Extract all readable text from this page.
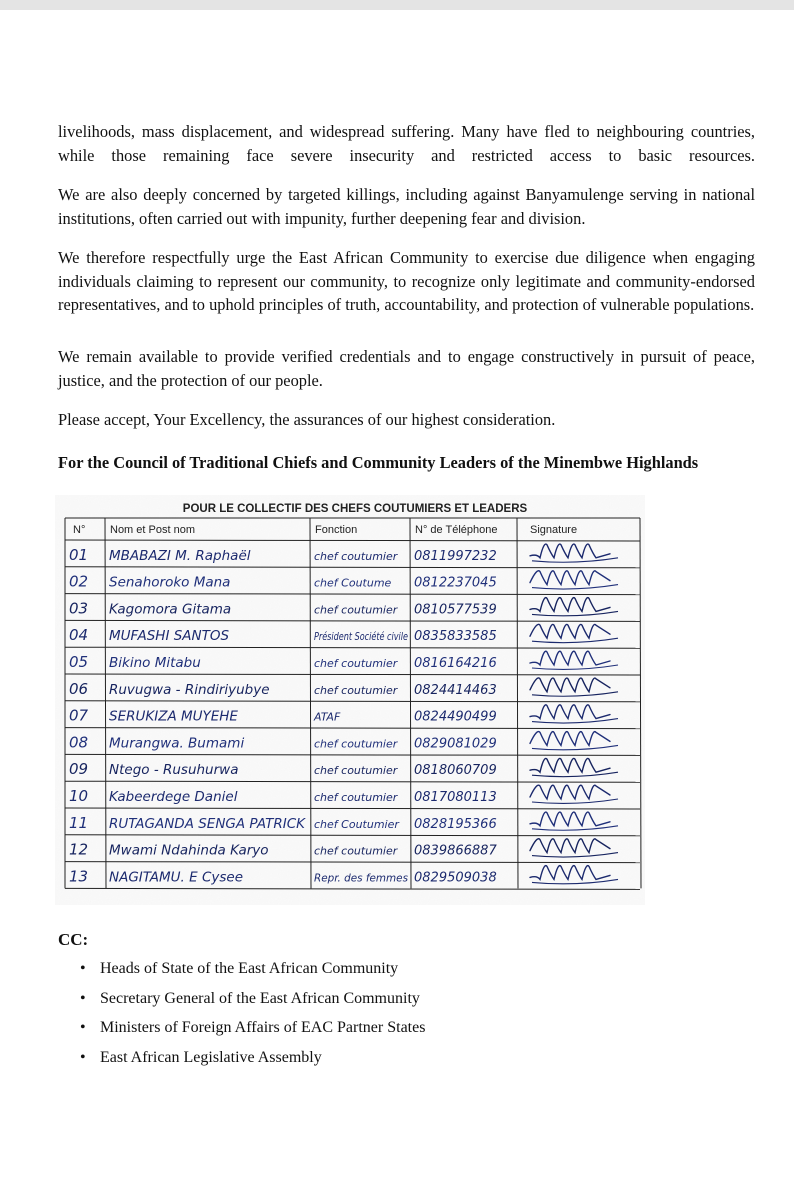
livelihoods, mass displacement, and widespread suffering. Many have fled to neighbouring countries, while those remaining face severe insecurity and restricted access to basic resources.

We are also deeply concerned by targeted killings, including against Banyamulenge serving in national institutions, often carried out with impunity, further deepening fear and division.

We therefore respectfully urge the East African Community to exercise due diligence when engaging individuals claiming to represent our community, to recognize only legitimate and community-endorsed representatives, and to uphold principles of truth, accountability, and protection of vulnerable populations.

We remain available to provide verified credentials and to engage constructively in pursuit of peace, justice, and the protection of our people.

Please accept, Your Excellency, the assurances of our highest consideration.

For the Council of Traditional Chiefs and Community Leaders of the Minembwe Highlands
POUR LE COLLECTIF DES CHEFS COUTUMIERS ET LEADERS
N° Nom et Post nom	Fonction	N° de Téléphone	Signature
01 MBABAZI M. Raphaël	chef coutumier 0811997232
02 Senahoroko Mana	chef Coutume 0812237045
03 Kagomora Gitama	chef coutumier 0810577539
04 MUFASHI SANTOS	Président Société civile 0835833585
05 Bikino Mitabu	chef coutumier 0816164216
06 Ruvugwa - Rindiriyubye	chef coutumier 0824414463
07 SERUKIZA MUYEHE	ATAF	0824490499
08 Murangwa. Bumami	chef coutumier 0829081029
09 Ntego - Rusuhurwa	chef coutumier 0818060709
10 Kabeerdege Daniel	chef coutumier 0817080113
11 RUTAGANDA SENGA PATRICK chef Coutumier 0828195366
12 Mwami Ndahinda Karyo	chef coutumier 0839866887
13 NAGITAMU. E Cysee	Repr. des femmes 0829509038
CC:
• Heads of State of the East African Community
• Secretary General of the East African Community
• Ministers of Foreign Affairs of EAC Partner States
• East African Legislative Assembly
